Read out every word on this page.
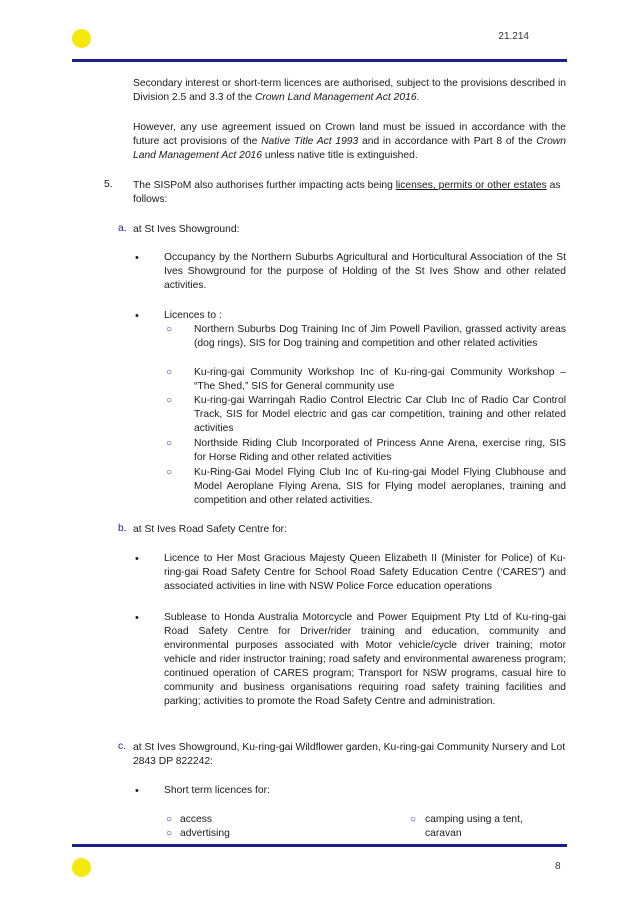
21.214
8
Secondary interest or short-term licences are authorised, subject to the provisions described in Division 2.5 and 3.3 of the Crown Land Management Act 2016.
However, any use agreement issued on Crown land must be issued in accordance with the future act provisions of the Native Title Act 1993 and in accordance with Part 8 of the Crown Land Management Act 2016 unless native title is extinguished.
5. The SISPoM also authorises further impacting acts being licenses, permits or other estates as follows:
a. at St Ives Showground:
• Occupancy by the Northern Suburbs Agricultural and Horticultural Association of the St Ives Showground for the purpose of Holding of the St Ives Show and other related activities.
• Licences to :
○ Northern Suburbs Dog Training Inc of Jim Powell Pavilion, grassed activity areas (dog rings), SIS for Dog training and competition and other related activities
○ Ku-ring-gai Community Workshop Inc of Ku-ring-gai Community Workshop – “The Shed,” SIS for General community use
○ Ku-ring-gai Warringah Radio Control Electric Car Club Inc of Radio Car Control Track, SIS for Model electric and gas car competition, training and other related activities
○ Northside Riding Club Incorporated of Princess Anne Arena, exercise ring, SIS for Horse Riding and other related activities
○ Ku-Ring-Gai Model Flying Club Inc of Ku-ring-gai Model Flying Clubhouse and Model Aeroplane Flying Arena, SIS for Flying model aeroplanes, training and competition and other related activities.
b. at St Ives Road Safety Centre for:
• Licence to Her Most Gracious Majesty Queen Elizabeth II (Minister for Police) of Ku-ring-gai Road Safety Centre for School Road Safety Education Centre (‘CARES”) and associated activities in line with NSW Police Force education operations
• Sublease to Honda Australia Motorcycle and Power Equipment Pty Ltd of Ku-ring-gai Road Safety Centre for Driver/rider training and education, community and environmental purposes associated with Motor vehicle/cycle driver training; motor vehicle and rider instructor training; road safety and environmental awareness program; continued operation of CARES program; Transport for NSW programs, casual hire to community and business organisations requiring road safety training facilities and parking; activities to promote the Road Safety Centre and administration.
c. at St Ives Showground, Ku-ring-gai Wildflower garden, Ku-ring-gai Community Nursery and Lot 2843 DP 822242:
• Short term licences for:
○ access
○ advertising
○ camping using a tent,
caravan
